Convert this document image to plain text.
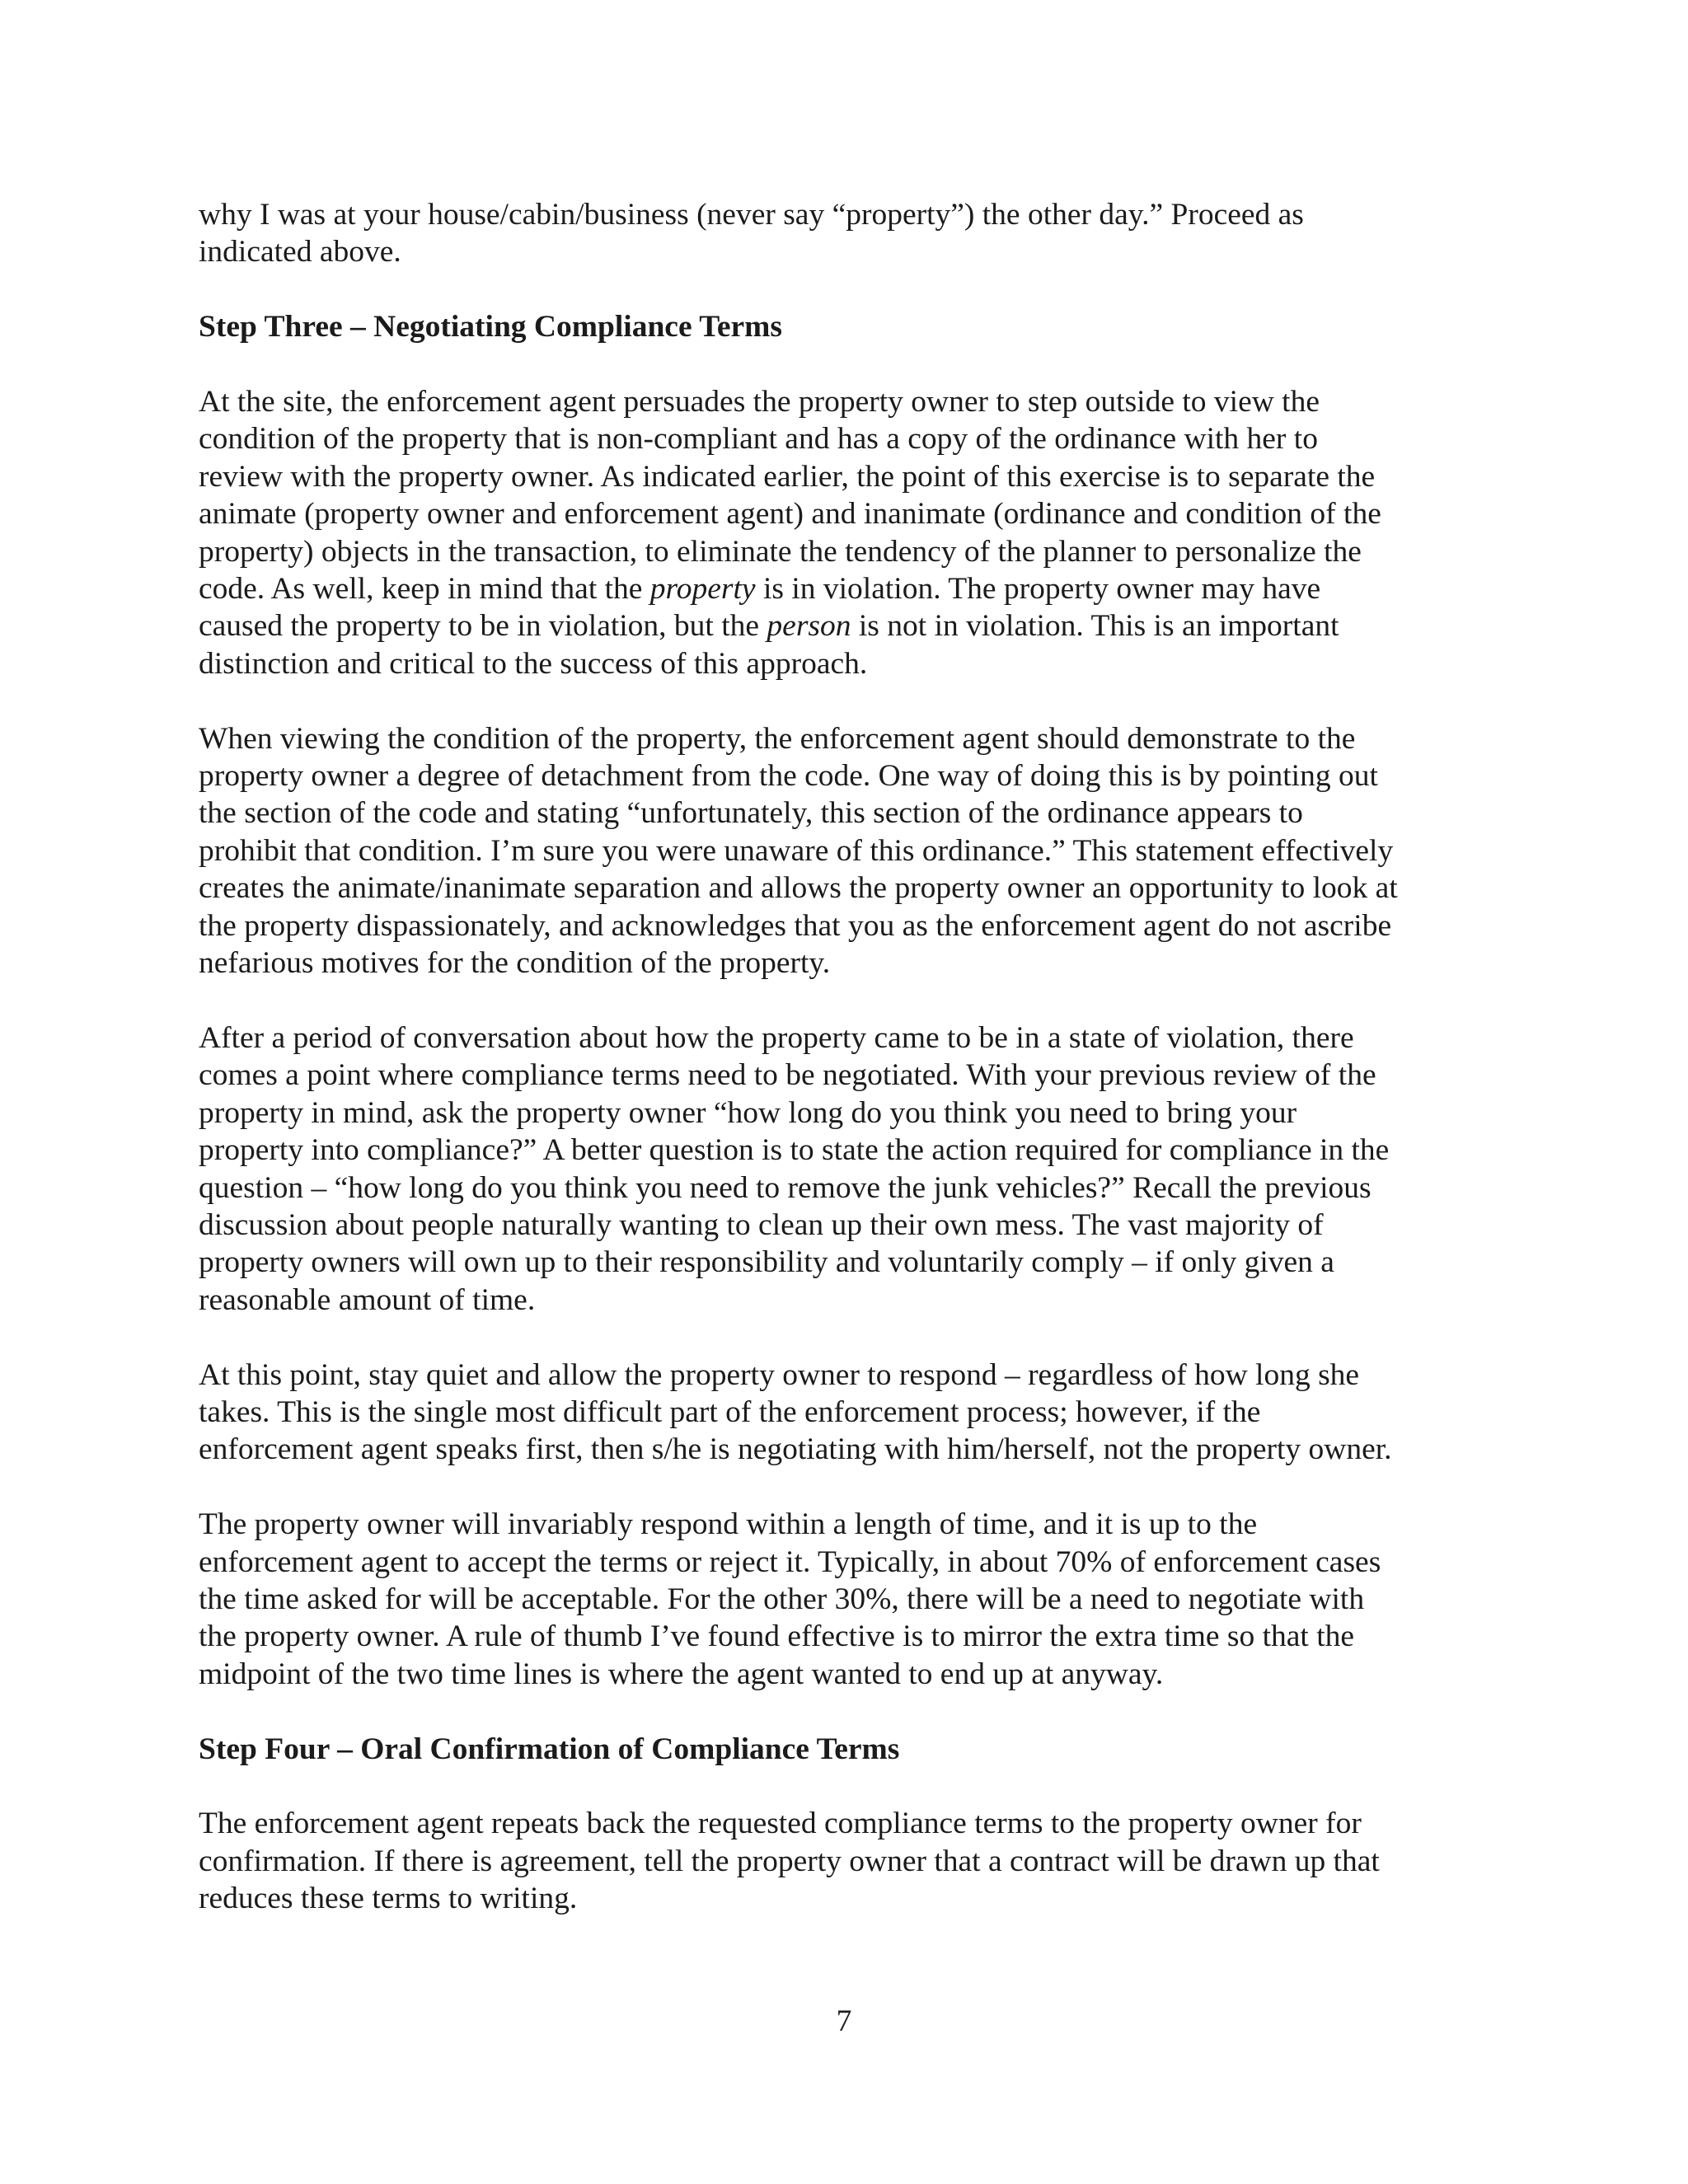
why I was at your house/cabin/business (never say “property”) the other day.” Proceed as
indicated above.

Step Three – Negotiating Compliance Terms

At the site, the enforcement agent persuades the property owner to step outside to view the
condition of the property that is non-compliant and has a copy of the ordinance with her to
review with the property owner. As indicated earlier, the point of this exercise is to separate the
animate (property owner and enforcement agent) and inanimate (ordinance and condition of the
property) objects in the transaction, to eliminate the tendency of the planner to personalize the
code. As well, keep in mind that the property is in violation. The property owner may have
caused the property to be in violation, but the person is not in violation. This is an important
distinction and critical to the success of this approach.

When viewing the condition of the property, the enforcement agent should demonstrate to the
property owner a degree of detachment from the code. One way of doing this is by pointing out
the section of the code and stating “unfortunately, this section of the ordinance appears to
prohibit that condition. I’m sure you were unaware of this ordinance.” This statement effectively
creates the animate/inanimate separation and allows the property owner an opportunity to look at
the property dispassionately, and acknowledges that you as the enforcement agent do not ascribe
nefarious motives for the condition of the property.

After a period of conversation about how the property came to be in a state of violation, there
comes a point where compliance terms need to be negotiated. With your previous review of the
property in mind, ask the property owner “how long do you think you need to bring your
property into compliance?” A better question is to state the action required for compliance in the
question – “how long do you think you need to remove the junk vehicles?” Recall the previous
discussion about people naturally wanting to clean up their own mess. The vast majority of
property owners will own up to their responsibility and voluntarily comply – if only given a
reasonable amount of time.

At this point, stay quiet and allow the property owner to respond – regardless of how long she
takes. This is the single most difficult part of the enforcement process; however, if the
enforcement agent speaks first, then s/he is negotiating with him/herself, not the property owner.

The property owner will invariably respond within a length of time, and it is up to the
enforcement agent to accept the terms or reject it. Typically, in about 70% of enforcement cases
the time asked for will be acceptable. For the other 30%, there will be a need to negotiate with
the property owner. A rule of thumb I’ve found effective is to mirror the extra time so that the
midpoint of the two time lines is where the agent wanted to end up at anyway.

Step Four – Oral Confirmation of Compliance Terms

The enforcement agent repeats back the requested compliance terms to the property owner for
confirmation. If there is agreement, tell the property owner that a contract will be drawn up that
reduces these terms to writing.

7
